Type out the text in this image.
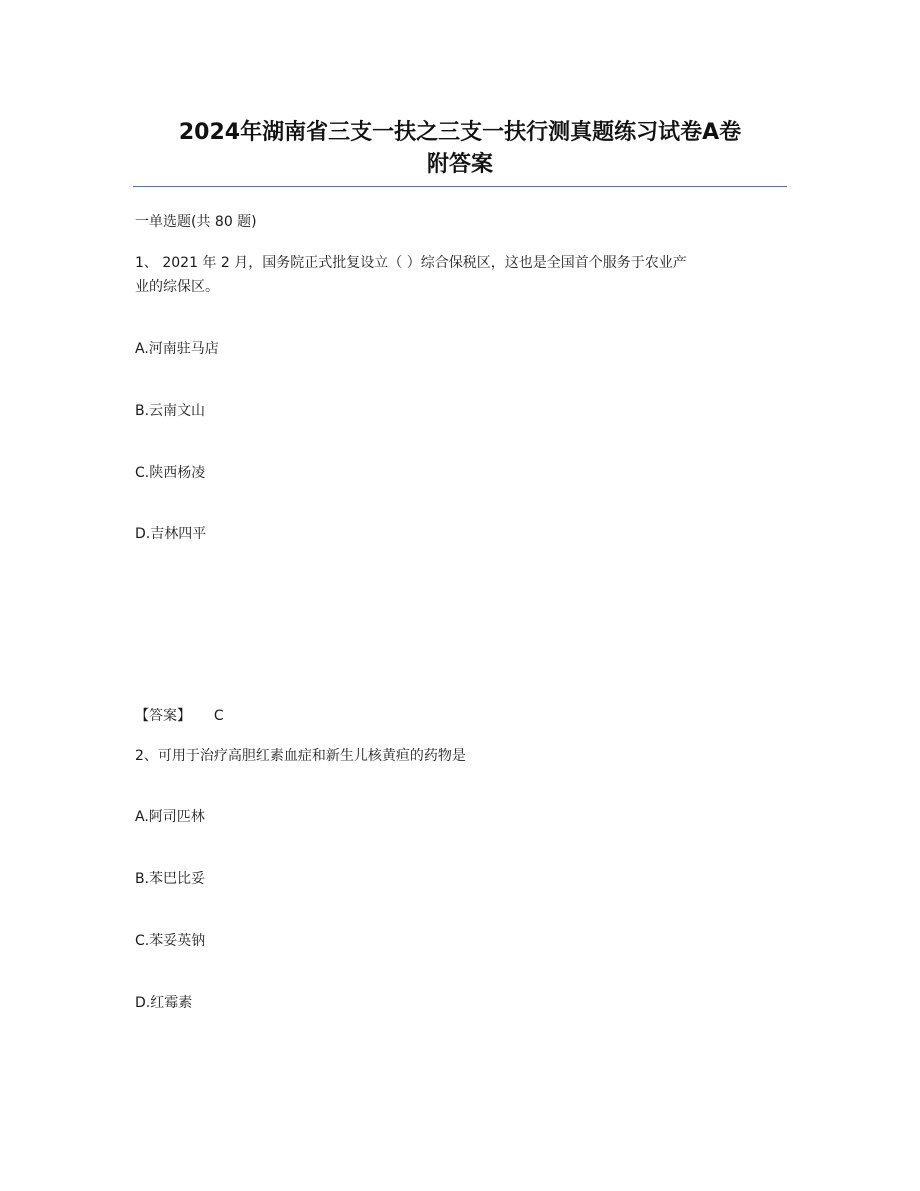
2024年湖南省三支一扶之三支一扶行测真题练习试卷A卷
附答案
一单选题(共 80 题)
1、 2021 年 2 月，国务院正式批复设立（ ）综合保税区，这也是全国首个服务于农业产
业的综保区。
A.河南驻马店
B.云南文山
C.陕西杨凌
D.吉林四平
【答案】 C
2、可用于治疗高胆红素血症和新生儿核黄疸的药物是
A.阿司匹林
B.苯巴比妥
C.苯妥英钠
D.红霉素
